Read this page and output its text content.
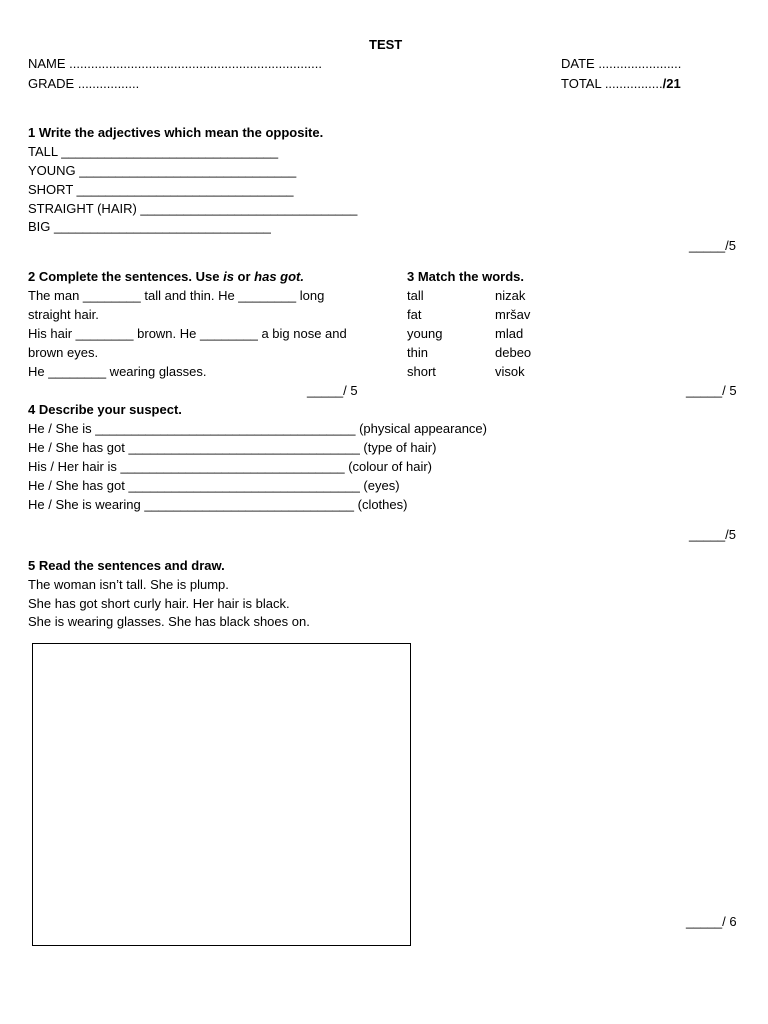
TEST
NAME ......................................................................
GRADE .................
DATE .......................
TOTAL ................/21
1 Write the adjectives which mean the opposite.
TALL ______________________________
YOUNG ______________________________
SHORT ______________________________
STRAIGHT (HAIR) ______________________________
BIG ______________________________
_____/5
2 Complete the sentences. Use is or has got.
The man ________ tall and thin. He ________ long
straight hair.
His hair ________ brown. He ________ a big nose and
brown eyes.
He ________ wearing glasses.
_____/ 5
3 Match the words.
tall
fat
young
thin
short
nizak
mršav
mlad
debeo
visok
_____/ 5
4 Describe your suspect.
He / She is ____________________________________ (physical appearance)
He / She has got ________________________________ (type of hair)
His / Her hair is _______________________________ (colour of hair)
He / She has got ________________________________ (eyes)
He / She is wearing _____________________________ (clothes)
_____/5
5 Read the sentences and draw.
The woman isn’t tall. She is plump.
She has got short curly hair. Her hair is black.
She is wearing glasses. She has black shoes on.
_____/ 6
